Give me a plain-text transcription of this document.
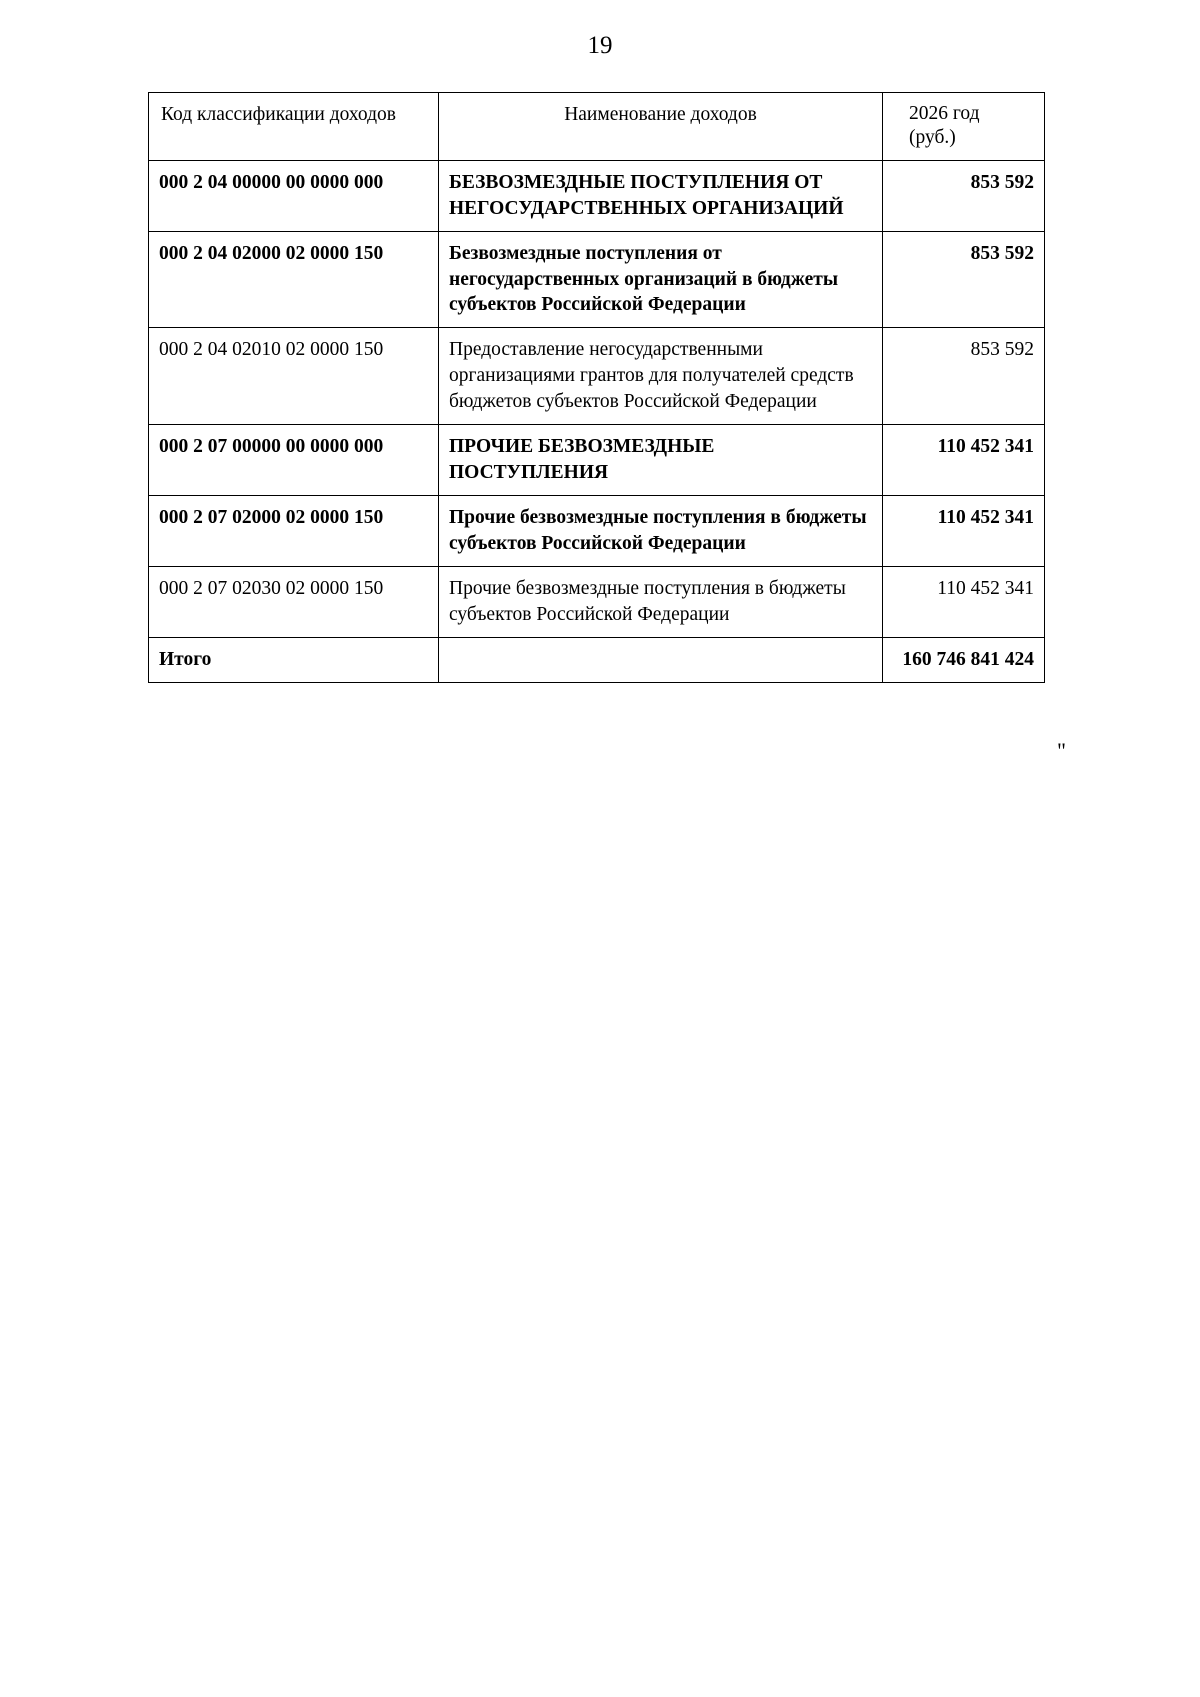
19
Код классификации доходов	Наименование доходов	2026 год
(руб.)

000 2 04 00000 00 0000 000	БЕЗВОЗМЕЗДНЫЕ ПОСТУПЛЕНИЯ ОТ НЕГОСУДАРСТВЕННЫХ ОРГАНИЗАЦИЙ	853 592
000 2 04 02000 02 0000 150	Безвозмездные поступления от негосударственных организаций в бюджеты субъектов Российской Федерации	853 592
000 2 04 02010 02 0000 150	Предоставление негосударственными организациями грантов для получателей средств бюджетов субъектов Российской Федерации	853 592
000 2 07 00000 00 0000 000	ПРОЧИЕ БЕЗВОЗМЕЗДНЫЕ ПОСТУПЛЕНИЯ	110 452 341
000 2 07 02000 02 0000 150	Прочие безвозмездные поступления в бюджеты субъектов Российской Федерации	110 452 341
000 2 07 02030 02 0000 150	Прочие безвозмездные поступления в бюджеты субъектов Российской Федерации	110 452 341
Итого		160 746 841 424
"
